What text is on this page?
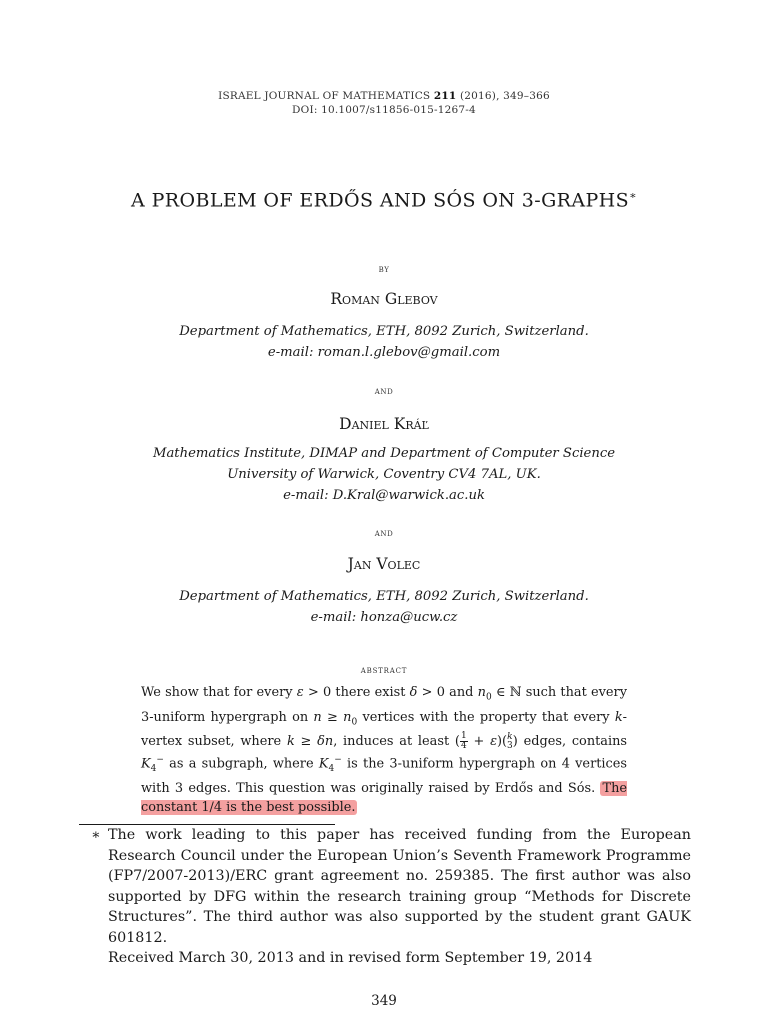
ISRAEL JOURNAL OF MATHEMATICS 211 (2016), 349–366
DOI: 10.1007/s11856-015-1267-4
A PROBLEM OF ERDŐS AND SÓS ON 3-GRAPHS∗
by
Roman Glebov
Department of Mathematics, ETH, 8092 Zurich, Switzerland.
e-mail: roman.l.glebov@gmail.com
and
Daniel Kráľ
Mathematics Institute, DIMAP and Department of Computer Science
University of Warwick, Coventry CV4 7AL, UK.
e-mail: D.Kral@warwick.ac.uk
and
Jan Volec
Department of Mathematics, ETH, 8092 Zurich, Switzerland.
e-mail: honza@ucw.cz
abstract
We show that for every ε > 0 there exist δ > 0 and $n_0$ ∈ ℕ such that every 3-uniform hypergraph on $n \ge n_0$ vertices with the property that every k-vertex subset, where k ≥ δn, induces at least ( $\frac{1}{4} + \varepsilon$)( k
3 ) edges, contains $K_4^-$ as a subgraph, where $K_4^-$ is the 3-uniform hypergraph on 4 vertices with 3 edges. This question was originally raised by Erdős and Sós. The constant 1/4 is the best possible.
∗ The work leading to this paper has received funding from the European Research Council under the European Union’s Seventh Framework Programme (FP7/2007-2013)/ERC grant agreement no. 259385. The first author was also supported by DFG within the research training group “Methods for Discrete Structures”. The third author was also supported by the student grant GAUK 601812.
Received March 30, 2013 and in revised form September 19, 2014
349
